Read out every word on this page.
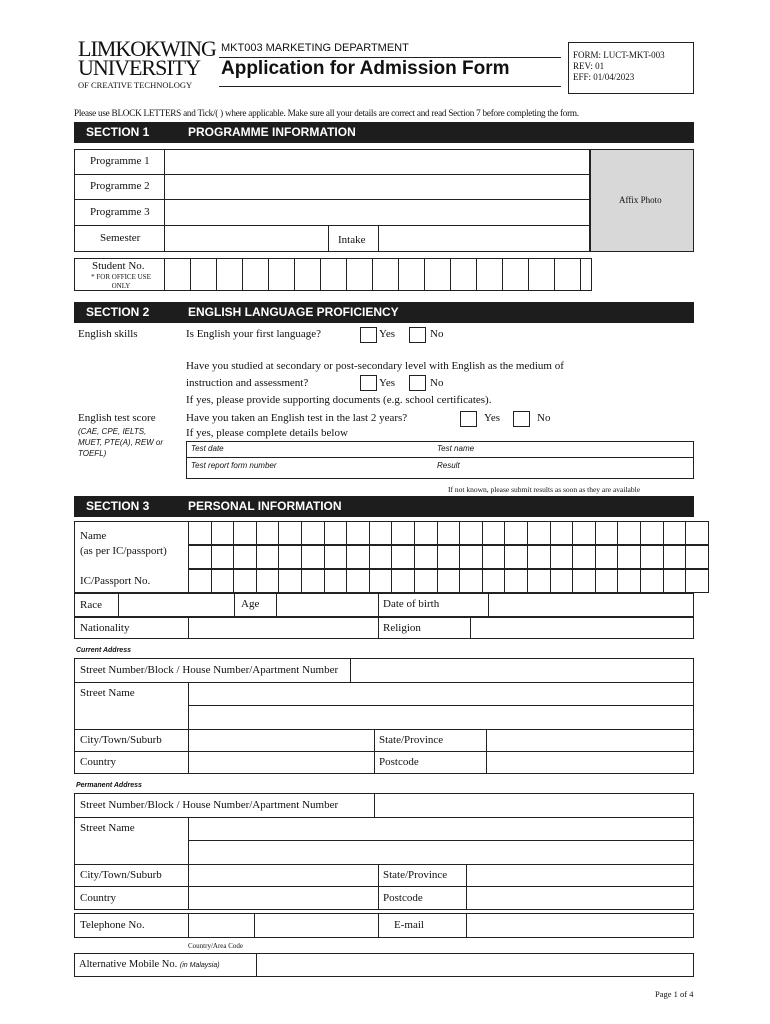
LIMKOKWING
UNIVERSITY
OF CREATIVE TECHNOLOGY
MKT003 MARKETING DEPARTMENT
Application for Admission Form
FORM: LUCT-MKT-003
REV: 01
EFF: 01/04/2023
Please use BLOCK LETTERS and Tick/( ) where applicable. Make sure all your details are correct and read Section 7 before completing the form.
SECTION 1	PROGRAMME INFORMATION
Programme 1
Programme 2
Programme 3
Semester	Intake
Affix Photo
Student No.
* FOR OFFICE USE ONLY
SECTION 2	ENGLISH LANGUAGE PROFICIENCY
English skills	Is English your first language?	Yes	No
Have you studied at secondary or post-secondary level with English as the medium of
instruction and assessment?	Yes	No
If yes, please provide supporting documents (e.g. school certificates).
English test score
(CAE, CPE, IELTS, MUET, PTE(A), REW or TOEFL)
Have you taken an English test in the last 2 years?	Yes	No
If yes, please complete details below
Test date	Test name
Test report form number	Result
If not known, please submit results as soon as they are available
SECTION 3	PERSONAL INFORMATION
Name
(as per IC/passport)
IC/Passport No.
Race	Age	Date of birth
Nationality	Religion
Current Address
Street Number/Block / House Number/Apartment Number
Street Name
City/Town/Suburb	State/Province
Country	Postcode
Permanent Address
Street Number/Block / House Number/Apartment Number
Street Name
City/Town/Suburb	State/Province
Country	Postcode
Telephone No.	E-mail
Country/Area Code
Alternative Mobile No. (in Malaysia)
Page 1 of 4
